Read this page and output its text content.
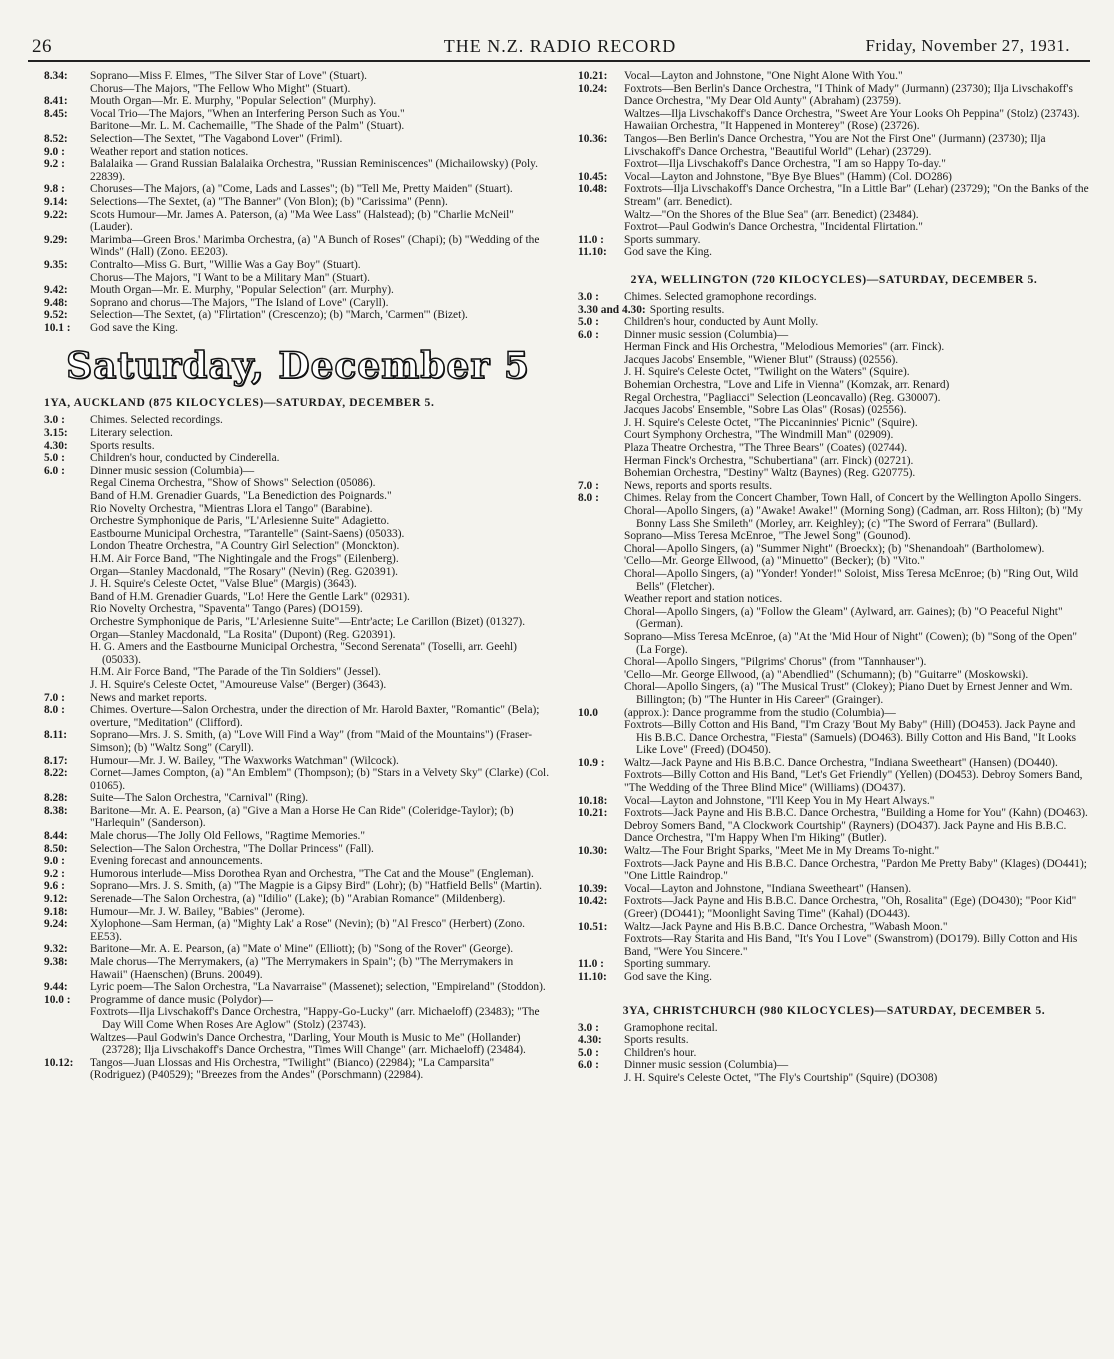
26	THE N.Z. RADIO RECORD	Friday, November 27, 1931.
8.34:	Soprano—Miss F. Elmes, "The Silver Star of Love" (Stuart).
Chorus—The Majors, "The Fellow Who Might" (Stuart).
8.41:	Mouth Organ—Mr. E. Murphy, "Popular Selection" (Murphy).
8.45:	Vocal Trio—The Majors, "When an Interfering Person Such as You."
Baritone—Mr. L. M. Cachemaille, "The Shade of the Palm" (Stuart).
8.52:	Selection—The Sextet, "The Vagabond Lover" (Friml).
9.0 :	Weather report and station notices.
9.2 :	Balalaika — Grand Russian Balalaika Orchestra, "Russian Reminiscences" (Michailowsky) (Poly. 22839).
9.8 :	Choruses—The Majors, (a) "Come, Lads and Lasses"; (b) "Tell Me, Pretty Maiden" (Stuart).
9.14:	Selections—The Sextet, (a) "The Banner" (Von Blon); (b) "Carissima" (Penn).
9.22:	Scots Humour—Mr. James A. Paterson, (a) "Ma Wee Lass" (Halstead); (b) "Charlie McNeil" (Lauder).
9.29:	Marimba—Green Bros.' Marimba Orchestra, (a) "A Bunch of Roses" (Chapi); (b) "Wedding of the Winds" (Hall) (Zono. EE203).
9.35:	Contralto—Miss G. Burt, "Willie Was a Gay Boy" (Stuart).
Chorus—The Majors, "I Want to be a Military Man" (Stuart).
9.42:	Mouth Organ—Mr. E. Murphy, "Popular Selection" (arr. Murphy).
9.48:	Soprano and chorus—The Majors, "The Island of Love" (Caryll).
9.52:	Selection—The Sextet, (a) "Flirtation" (Crescenzo); (b) "March, 'Carmen'" (Bizet).
10.1 :	God save the King.
Saturday, December 5
1YA, AUCKLAND (875 KILOCYCLES)—SATURDAY, DECEMBER 5.
3.0 :	Chimes. Selected recordings.
3.15:	Literary selection.
4.30:	Sports results.
5.0 :	Children's hour, conducted by Cinderella.
6.0 :	Dinner music session (Columbia)—
Regal Cinema Orchestra, "Show of Shows" Selection (05086).
Band of H.M. Grenadier Guards, "La Benediction des Poignards."
Rio Novelty Orchestra, "Mientras Llora el Tango" (Barabine).
Orchestre Symphonique de Paris, "L'Arlesienne Suite" Adagietto.
Eastbourne Municipal Orchestra, "Tarantelle" (Saint-Saens) (05033).
London Theatre Orchestra, "A Country Girl Selection" (Monckton).
H.M. Air Force Band, "The Nightingale and the Frogs" (Eilenberg).
Organ—Stanley Macdonald, "The Rosary" (Nevin) (Reg. G20391).
J. H. Squire's Celeste Octet, "Valse Blue" (Margis) (3643).
Band of H.M. Grenadier Guards, "Lo! Here the Gentle Lark" (02931).
Rio Novelty Orchestra, "Spaventa" Tango (Pares) (DO159).
Orchestre Symphonique de Paris, "L'Arlesienne Suite"—Entr'acte; Le Carillon (Bizet) (01327).
Organ—Stanley Macdonald, "La Rosita" (Dupont) (Reg. G20391).
H. G. Amers and the Eastbourne Municipal Orchestra, "Second Serenata" (Toselli, arr. Geehl) (05033).
H.M. Air Force Band, "The Parade of the Tin Soldiers" (Jessel).
J. H. Squire's Celeste Octet, "Amoureuse Valse" (Berger) (3643).
7.0 :	News and market reports.
8.0 :	Chimes. Overture—Salon Orchestra, under the direction of Mr. Harold Baxter, "Romantic" (Bela); overture, "Meditation" (Clifford).
8.11:	Soprano—Mrs. J. S. Smith, (a) "Love Will Find a Way" (from "Maid of the Mountains") (Fraser-Simson); (b) "Waltz Song" (Caryll).
8.17:	Humour—Mr. J. W. Bailey, "The Waxworks Watchman" (Wilcock).
8.22:	Cornet—James Compton, (a) "An Emblem" (Thompson); (b) "Stars in a Velvety Sky" (Clarke) (Col. 01065).
8.28:	Suite—The Salon Orchestra, "Carnival" (Ring).
8.38:	Baritone—Mr. A. E. Pearson, (a) "Give a Man a Horse He Can Ride" (Coleridge-Taylor); (b) "Harlequin" (Sanderson).
8.44:	Male chorus—The Jolly Old Fellows, "Ragtime Memories."
8.50:	Selection—The Salon Orchestra, "The Dollar Princess" (Fall).
9.0 :	Evening forecast and announcements.
9.2 :	Humorous interlude—Miss Dorothea Ryan and Orchestra, "The Cat and the Mouse" (Engleman).
9.6 :	Soprano—Mrs. J. S. Smith, (a) "The Magpie is a Gipsy Bird" (Lohr); (b) "Hatfield Bells" (Martin).
9.12:	Serenade—The Salon Orchestra, (a) "Idilio" (Lake); (b) "Arabian Romance" (Mildenberg).
9.18:	Humour—Mr. J. W. Bailey, "Babies" (Jerome).
9.24:	Xylophone—Sam Herman, (a) "Mighty Lak' a Rose" (Nevin); (b) "Al Fresco" (Herbert) (Zono. EE53).
9.32:	Baritone—Mr. A. E. Pearson, (a) "Mate o' Mine" (Elliott); (b) "Song of the Rover" (George).
9.38:	Male chorus—The Merrymakers, (a) "The Merrymakers in Spain"; (b) "The Merrymakers in Hawaii" (Haenschen) (Bruns. 20049).
9.44:	Lyric poem—The Salon Orchestra, "La Navarraise" (Massenet); selection, "Empireland" (Stoddon).
10.0 :	Programme of dance music (Polydor)—
Foxtrots—Ilja Livschakoff's Dance Orchestra, "Happy-Go-Lucky" (arr. Michaeloff) (23483); "The Day Will Come When Roses Are Aglow" (Stolz) (23743).
Waltzes—Paul Godwin's Dance Orchestra, "Darling, Your Mouth is Music to Me" (Hollander) (23728); Ilja Livschakoff's Dance Orchestra, "Times Will Change" (arr. Michaeloff) (23484).
10.12:	Tangos—Juan Llossas and His Orchestra, "Twilight" (Bianco) (22984); "La Camparsita" (Rodriguez) (P40529); "Breezes from the Andes" (Porschmann) (22984).
10.21:	Vocal—Layton and Johnstone, "One Night Alone With You."
10.24:	Foxtrots—Ben Berlin's Dance Orchestra, "I Think of Mady" (Jurmann) (23730); Ilja Livschakoff's Dance Orchestra, "My Dear Old Aunty" (Abraham) (23759).
Waltzes—Ilja Livschakoff's Dance Orchestra, "Sweet Are Your Looks Oh Peppina" (Stolz) (23743). Hawaiian Orchestra, "It Happened in Monterey" (Rose) (23726).
10.36:	Tangos—Ben Berlin's Dance Orchestra, "You are Not the First One" (Jurmann) (23730); Ilja Livschakoff's Dance Orchestra, "Beautiful World" (Lehar) (23729).
Foxtrot—Ilja Livschakoff's Dance Orchestra, "I am so Happy To-day."
10.45:	Vocal—Layton and Johnstone, "Bye Bye Blues" (Hamm) (Col. DO286)
10.48:	Foxtrots—Ilja Livschakoff's Dance Orchestra, "In a Little Bar" (Lehar) (23729); "On the Banks of the Stream" (arr. Benedict).
Waltz—"On the Shores of the Blue Sea" (arr. Benedict) (23484).
Foxtrot—Paul Godwin's Dance Orchestra, "Incidental Flirtation."
11.0 :	Sports summary.
11.10:	God save the King.
2YA, WELLINGTON (720 KILOCYCLES)—SATURDAY, DECEMBER 5.
3.0 :	Chimes. Selected gramophone recordings.
3.30 and 4.30: Sporting results.
5.0 :	Children's hour, conducted by Aunt Molly.
6.0 :	Dinner music session (Columbia)—
Herman Finck and His Orchestra, "Melodious Memories" (arr. Finck).
Jacques Jacobs' Ensemble, "Wiener Blut" (Strauss) (02556).
J. H. Squire's Celeste Octet, "Twilight on the Waters" (Squire).
Bohemian Orchestra, "Love and Life in Vienna" (Komzak, arr. Renard)
Regal Orchestra, "Pagliacci" Selection (Leoncavallo) (Reg. G30007).
Jacques Jacobs' Ensemble, "Sobre Las Olas" (Rosas) (02556).
J. H. Squire's Celeste Octet, "The Piccaninnies' Picnic" (Squire).
Court Symphony Orchestra, "The Windmill Man" (02909).
Plaza Theatre Orchestra, "The Three Bears" (Coates) (02744).
Herman Finck's Orchestra, "Schubertiana" (arr. Finck) (02721).
Bohemian Orchestra, "Destiny" Waltz (Baynes) (Reg. G20775).
7.0 :	News, reports and sports results.
8.0 :	Chimes. Relay from the Concert Chamber, Town Hall, of Concert by the Wellington Apollo Singers.
Choral—Apollo Singers, (a) "Awake! Awake!" (Morning Song) (Cadman, arr. Ross Hilton); (b) "My Bonny Lass She Smileth" (Morley, arr. Keighley); (c) "The Sword of Ferrara" (Bullard).
Soprano—Miss Teresa McEnroe, "The Jewel Song" (Gounod).
Choral—Apollo Singers, (a) "Summer Night" (Broeckx); (b) "Shenandoah" (Bartholomew).
'Cello—Mr. George Ellwood, (a) "Minuetto" (Becker); (b) "Vito."
Choral—Apollo Singers, (a) "Yonder! Yonder!" Soloist, Miss Teresa McEnroe; (b) "Ring Out, Wild Bells" (Fletcher).
Weather report and station notices.
Choral—Apollo Singers, (a) "Follow the Gleam" (Aylward, arr. Gaines); (b) "O Peaceful Night" (German).
Soprano—Miss Teresa McEnroe, (a) "At the 'Mid Hour of Night" (Cowen); (b) "Song of the Open" (La Forge).
Choral—Apollo Singers, "Pilgrims' Chorus" (from "Tannhauser").
'Cello—Mr. George Ellwood, (a) "Abendlied" (Schumann); (b) "Guitarre" (Moskowski).
Choral—Apollo Singers, (a) "The Musical Trust" (Clokey); Piano Duet by Ernest Jenner and Wm. Billington; (b) "The Hunter in His Career" (Grainger).
10.0	(approx.): Dance programme from the studio (Columbia)—
Foxtrots—Billy Cotton and His Band, "I'm Crazy 'Bout My Baby" (Hill) (DO453). Jack Payne and His B.B.C. Dance Orchestra, "Fiesta" (Samuels) (DO463). Billy Cotton and His Band, "It Looks Like Love" (Freed) (DO450).
10.9 :	Waltz—Jack Payne and His B.B.C. Dance Orchestra, "Indiana Sweetheart" (Hansen) (DO440).
Foxtrots—Billy Cotton and His Band, "Let's Get Friendly" (Yellen) (DO453). Debroy Somers Band, "The Wedding of the Three Blind Mice" (Williams) (DO437).
10.18:	Vocal—Layton and Johnstone, "I'll Keep You in My Heart Always."
10.21:	Foxtrots—Jack Payne and His B.B.C. Dance Orchestra, "Building a Home for You" (Kahn) (DO463). Debroy Somers Band, "A Clockwork Courtship" (Rayners) (DO437). Jack Payne and His B.B.C. Dance Orchestra, "I'm Happy When I'm Hiking" (Butler).
10.30:	Waltz—The Four Bright Sparks, "Meet Me in My Dreams To-night."
Foxtrots—Jack Payne and His B.B.C. Dance Orchestra, "Pardon Me Pretty Baby" (Klages) (DO441); "One Little Raindrop."
10.39:	Vocal—Layton and Johnstone, "Indiana Sweetheart" (Hansen).
10.42:	Foxtrots—Jack Payne and His B.B.C. Dance Orchestra, "Oh, Rosalita" (Ege) (DO430); "Poor Kid" (Greer) (DO441); "Moonlight Saving Time" (Kahal) (DO443).
10.51:	Waltz—Jack Payne and His B.B.C. Dance Orchestra, "Wabash Moon."
Foxtrots—Ray Starita and His Band, "It's You I Love" (Swanstrom) (DO179). Billy Cotton and His Band, "Were You Sincere."
11.0 :	Sporting summary.
11.10:	God save the King.
3YA, CHRISTCHURCH (980 KILOCYCLES)—SATURDAY, DECEMBER 5.
3.0 :	Gramophone recital.
4.30:	Sports results.
5.0 :	Children's hour.
6.0 :	Dinner music session (Columbia)—
J. H. Squire's Celeste Octet, "The Fly's Courtship" (Squire) (DO308)
